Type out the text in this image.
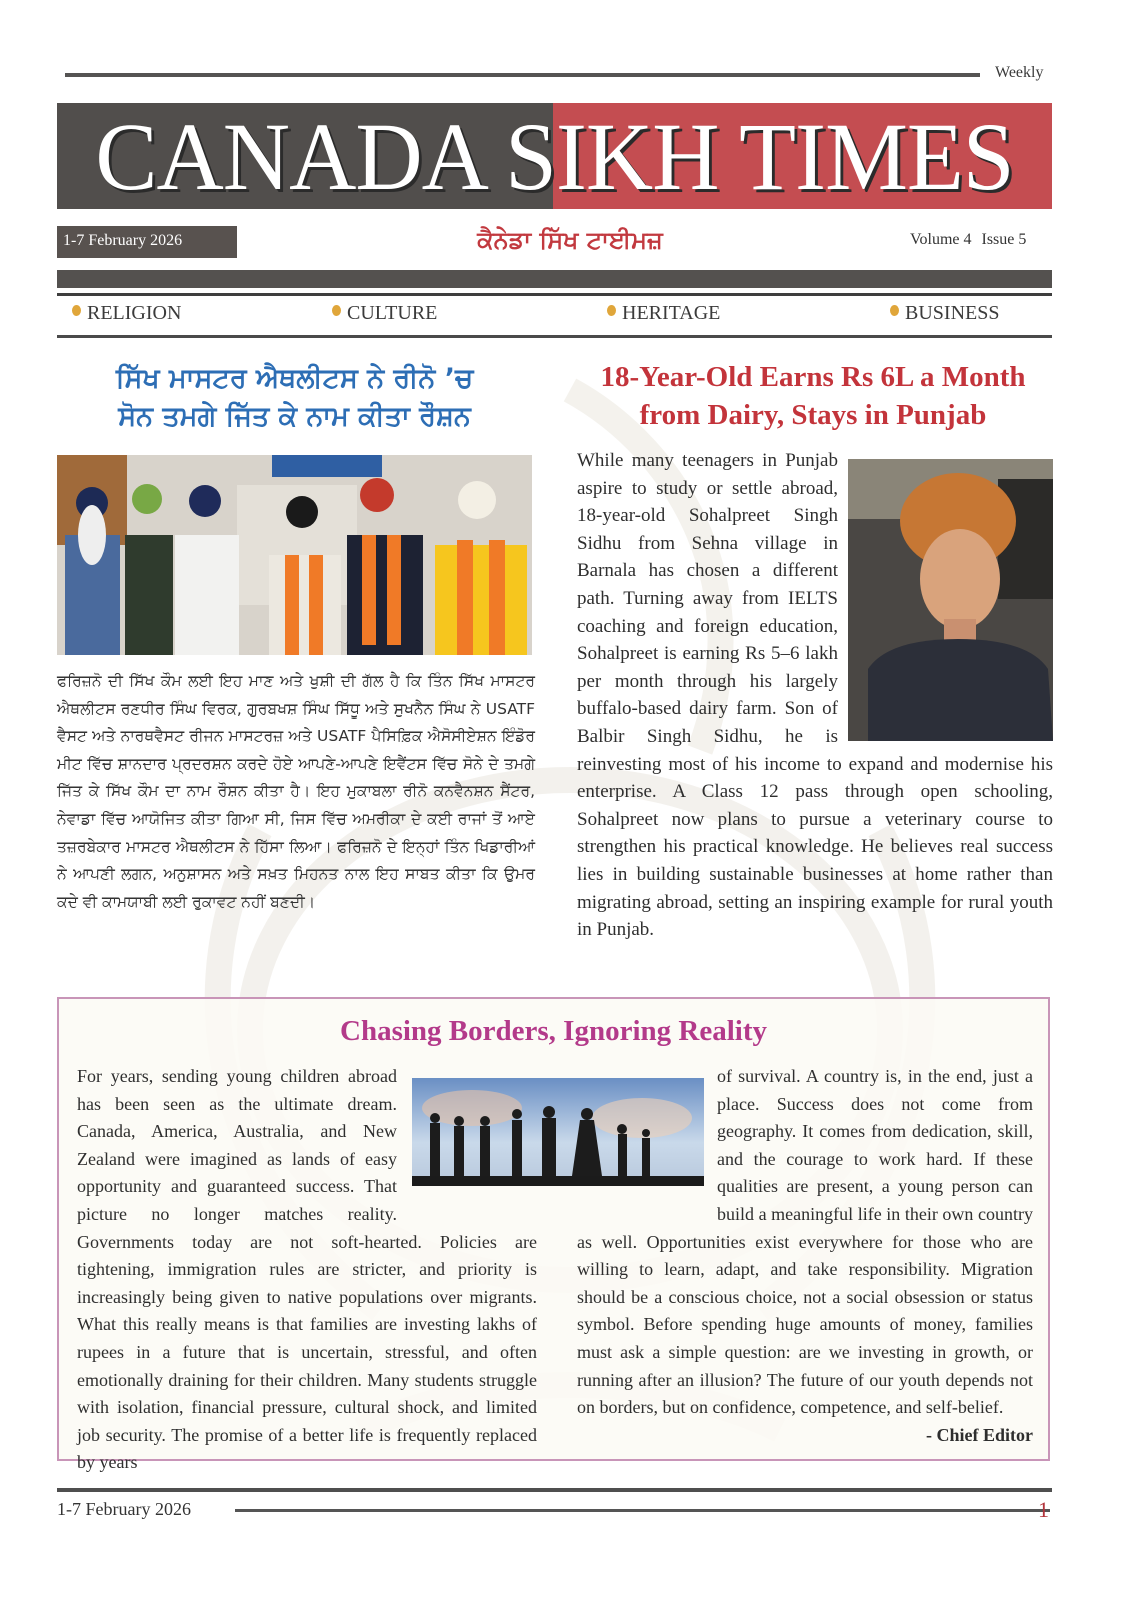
Weekly
CANADA SIKH TIMES
1-7 February 2026	ਕੈਨੇਡਾ ਸਿੱਖ ਟਾਈਮਜ਼	Volume 4 Issue 5
RELIGION	CULTURE	HERITAGE	BUSINESS
ਸਿੱਖ ਮਾਸਟਰ ਐਥਲੀਟਸ ਨੇ ਰੀਨੋ ’ਚ
ਸੋਨ ਤਮਗੇ ਜਿੱਤ ਕੇ ਨਾਮ ਕੀਤਾ ਰੌਸ਼ਨ
ਫਰਿਜ਼ਨੋ ਦੀ ਸਿੱਖ ਕੌਮ ਲਈ ਇਹ ਮਾਣ ਅਤੇ ਖੁਸ਼ੀ ਦੀ ਗੱਲ ਹੈ ਕਿ ਤਿੰਨ ਸਿੱਖ ਮਾਸਟਰ ਐਥਲੀਟਸ ਰਣਧੀਰ ਸਿੰਘ ਵਿਰਕ, ਗੁਰਬਖਸ਼ ਸਿੰਘ ਸਿੱਧੂ ਅਤੇ ਸੁਖਨੈਨ ਸਿੰਘ ਨੇ USATF ਵੈਸਟ ਅਤੇ ਨਾਰਥਵੈਸਟ ਰੀਜਨ ਮਾਸਟਰਜ਼ ਅਤੇ USATF ਪੈਸਿਫ਼ਿਕ ਐਸੋਸੀਏਸ਼ਨ ਇੰਡੋਰ ਮੀਟ ਵਿੱਚ ਸ਼ਾਨਦਾਰ ਪ੍ਰਦਰਸ਼ਨ ਕਰਦੇ ਹੋਏ ਆਪਣੇ-ਆਪਣੇ ਇਵੈਂਟਸ ਵਿੱਚ ਸੋਨੇ ਦੇ ਤਮਗੇ ਜਿੱਤ ਕੇ ਸਿੱਖ ਕੌਮ ਦਾ ਨਾਮ ਰੌਸ਼ਨ ਕੀਤਾ ਹੈ। ਇਹ ਮੁਕਾਬਲਾ ਰੀਨੋ ਕਨਵੈਨਸ਼ਨ ਸੈਂਟਰ, ਨੇਵਾਡਾ ਵਿੱਚ ਆਯੋਜਿਤ ਕੀਤਾ ਗਿਆ ਸੀ, ਜਿਸ ਵਿੱਚ ਅਮਰੀਕਾ ਦੇ ਕਈ ਰਾਜਾਂ ਤੋਂ ਆਏ ਤਜ਼ਰਬੇਕਾਰ ਮਾਸਟਰ ਐਥਲੀਟਸ ਨੇ ਹਿੱਸਾ ਲਿਆ। ਫਰਿਜ਼ਨੋ ਦੇ ਇਨ੍ਹਾਂ ਤਿੰਨ ਖਿਡਾਰੀਆਂ ਨੇ ਆਪਣੀ ਲਗਨ, ਅਨੁਸ਼ਾਸਨ ਅਤੇ ਸਖ਼ਤ ਮਿਹਨਤ ਨਾਲ ਇਹ ਸਾਬਤ ਕੀਤਾ ਕਿ ਉਮਰ ਕਦੇ ਵੀ ਕਾਮਯਾਬੀ ਲਈ ਰੁਕਾਵਟ ਨਹੀਂ ਬਣਦੀ।
18-Year-Old Earns Rs 6L a Month
from Dairy, Stays in Punjab
While many teenagers in Punjab aspire to study or settle abroad, 18-year-old Sohalpreet Singh Sidhu from Sehna village in Barnala has chosen a different path. Turning away from IELTS coaching and foreign education, Sohalpreet is earning Rs 5–6 lakh per month through his largely buffalo-based dairy farm. Son of Balbir Singh Sidhu, he is reinvesting most of his income to expand and modernise his enterprise. A Class 12 pass through open schooling, Sohalpreet now plans to pursue a veterinary course to strengthen his practical knowledge. He believes real success lies in building sustainable businesses at home rather than migrating abroad, setting an inspiring example for rural youth in Punjab.
Chasing Borders, Ignoring Reality
For years, sending young children abroad has been seen as the ultimate dream. Canada, America, Australia, and New Zealand were imagined as lands of easy opportunity and guaranteed success. That picture no longer matches reality. Governments today are not soft-hearted. Policies are tightening, immigration rules are stricter, and priority is increasingly being given to native populations over migrants. What this really means is that families are investing lakhs of rupees in a future that is uncertain, stressful, and often emotionally draining for their children. Many students struggle with isolation, financial pressure, cultural shock, and limited job security. The promise of a better life is frequently replaced by years
of survival. A country is, in the end, just a place. Success does not come from geography. It comes from dedication, skill, and the courage to work hard. If these qualities are present, a young person can build a meaningful life in their own country as well. Opportunities exist everywhere for those who are willing to learn, adapt, and take responsibility. Migration should be a conscious choice, not a social obsession or status symbol. Before spending huge amounts of money, families must ask a simple question: are we investing in growth, or running after an illusion? The future of our youth depends not on borders, but on confidence, competence, and self-belief.
- Chief Editor
1-7 February 2026	1
